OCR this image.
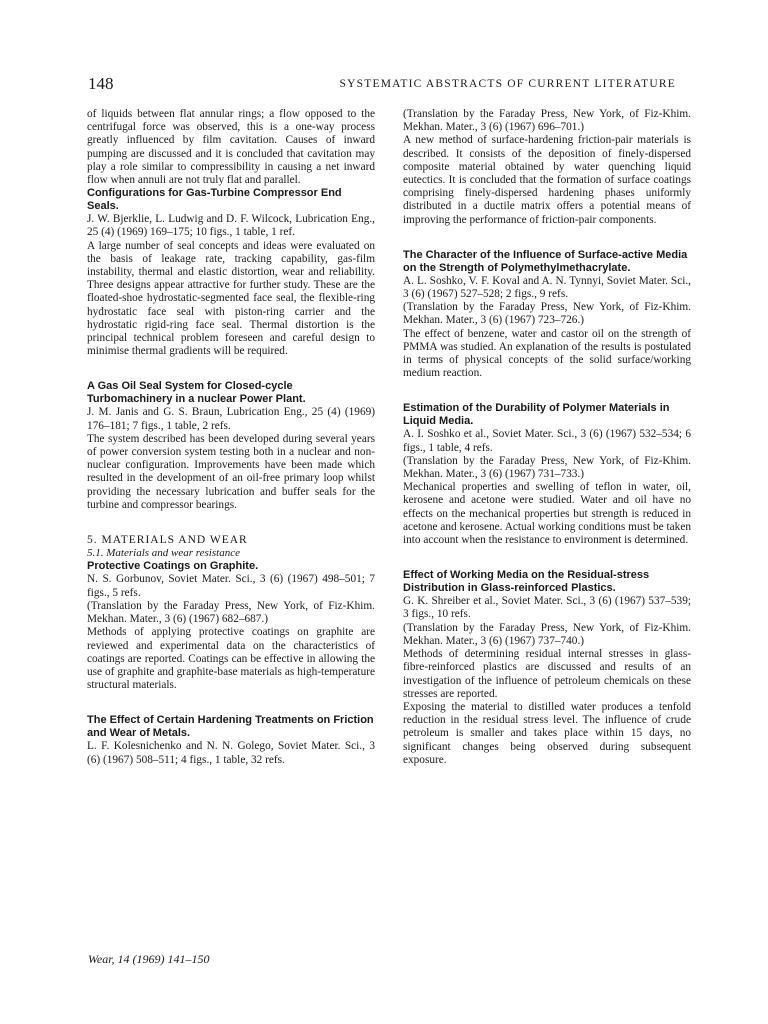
148	SYSTEMATIC ABSTRACTS OF CURRENT LITERATURE

of liquids between flat annular rings; a flow opposed to the centrifugal force was observed, this is a one-way process greatly influenced by film cavitation. Causes of inward pumping are discussed and it is concluded that cavitation may play a role similar to compressibility in causing a net inward flow when annuli are not truly flat and parallel.

Configurations for Gas-Turbine Compressor End Seals.

J. W. Bjerklie, L. Ludwig and D. F. Wilcock, Lubrication Eng., 25 (4) (1969) 169–175; 10 figs., 1 table, 1 ref.

A large number of seal concepts and ideas were evaluated on the basis of leakage rate, tracking capability, gas-film instability, thermal and elastic distortion, wear and reliability. Three designs appear attractive for further study. These are the floated-shoe hydrostatic-segmented face seal, the flexible-ring hydrostatic face seal with piston-ring carrier and the hydrostatic rigid-ring face seal. Thermal distortion is the principal technical problem foreseen and careful design to minimise thermal gradients will be required.

A Gas Oil Seal System for Closed-cycle Turbomachinery in a nuclear Power Plant.

J. M. Janis and G. S. Braun, Lubrication Eng., 25 (4) (1969) 176–181; 7 figs., 1 table, 2 refs.

The system described has been developed during several years of power conversion system testing both in a nuclear and non-nuclear configuration. Improvements have been made which resulted in the development of an oil-free primary loop whilst providing the necessary lubrication and buffer seals for the turbine and compressor bearings.

5. MATERIALS AND WEAR

5.1. Materials and wear resistance

Protective Coatings on Graphite.

N. S. Gorbunov, Soviet Mater. Sci., 3 (6) (1967) 498–501; 7 figs., 5 refs.

(Translation by the Faraday Press, New York, of Fiz-Khim. Mekhan. Mater., 3 (6) (1967) 682–687.)

Methods of applying protective coatings on graphite are reviewed and experimental data on the characteristics of coatings are reported. Coatings can be effective in allowing the use of graphite and graphite-base materials as high-temperature structural materials.

The Effect of Certain Hardening Treatments on Friction and Wear of Metals.

L. F. Kolesnichenko and N. N. Golego, Soviet Mater. Sci., 3 (6) (1967) 508–511; 4 figs., 1 table, 32 refs.

(Translation by the Faraday Press, New York, of Fiz-Khim. Mekhan. Mater., 3 (6) (1967) 696–701.)

A new method of surface-hardening friction-pair materials is described. It consists of the deposition of finely-dispersed composite material obtained by water quenching liquid eutectics. It is concluded that the formation of surface coatings comprising finely-dispersed hardening phases uniformly distributed in a ductile matrix offers a potential means of improving the performance of friction-pair components.

The Character of the Influence of Surface-active Media on the Strength of Polymethylmethacrylate.

A. L. Soshko, V. F. Koval and A. N. Tynnyi, Soviet Mater. Sci., 3 (6) (1967) 527–528; 2 figs., 9 refs.

(Translation by the Faraday Press, New York, of Fiz-Khim. Mekhan. Mater., 3 (6) (1967) 723–726.)

The effect of benzene, water and castor oil on the strength of PMMA was studied. An explanation of the results is postulated in terms of physical concepts of the solid surface/working medium reaction.

Estimation of the Durability of Polymer Materials in Liquid Media.

A. I. Soshko et al., Soviet Mater. Sci., 3 (6) (1967) 532–534; 6 figs., 1 table, 4 refs.

(Translation by the Faraday Press, New York, of Fiz-Khim. Mekhan. Mater., 3 (6) (1967) 731–733.)

Mechanical properties and swelling of teflon in water, oil, kerosene and acetone were studied. Water and oil have no effects on the mechanical properties but strength is reduced in acetone and kerosene. Actual working conditions must be taken into account when the resistance to environment is determined.

Effect of Working Media on the Residual-stress Distribution in Glass-reinforced Plastics.

G. K. Shreiber et al., Soviet Mater. Sci., 3 (6) (1967) 537–539; 3 figs., 10 refs.

(Translation by the Faraday Press, New York, of Fiz-Khim. Mekhan. Mater., 3 (6) (1967) 737–740.)

Methods of determining residual internal stresses in glass-fibre-reinforced plastics are discussed and results of an investigation of the influence of petroleum chemicals on these stresses are reported.

Exposing the material to distilled water produces a tenfold reduction in the residual stress level. The influence of crude petroleum is smaller and takes place within 15 days, no significant changes being observed during subsequent exposure.

Wear, 14 (1969) 141–150
